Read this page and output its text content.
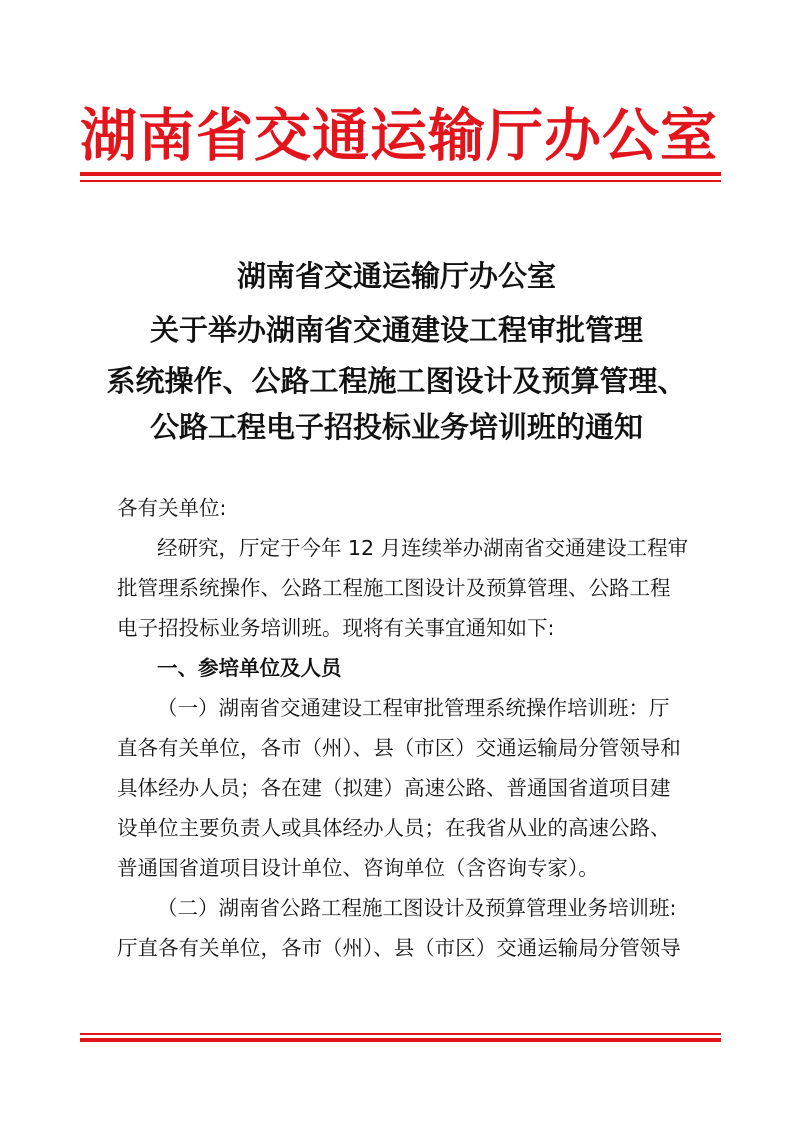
湖南省交通运输厅办公室
湖南省交通运输厅办公室
关于举办湖南省交通建设工程审批管理
系统操作、公路工程施工图设计及预算管理、
公路工程电子招投标业务培训班的通知
各有关单位:
经研究，厅定于今年 12 月连续举办湖南省交通建设工程审
批管理系统操作、公路工程施工图设计及预算管理、公路工程
电子招投标业务培训班。现将有关事宜通知如下:
一、参培单位及人员
（一）湖南省交通建设工程审批管理系统操作培训班：厅
直各有关单位，各市（州）、县（市区）交通运输局分管领导和
具体经办人员；各在建（拟建）高速公路、普通国省道项目建
设单位主要负责人或具体经办人员；在我省从业的高速公路、
普通国省道项目设计单位、咨询单位（含咨询专家）。
（二）湖南省公路工程施工图设计及预算管理业务培训班:
厅直各有关单位，各市（州）、县（市区）交通运输局分管领导
